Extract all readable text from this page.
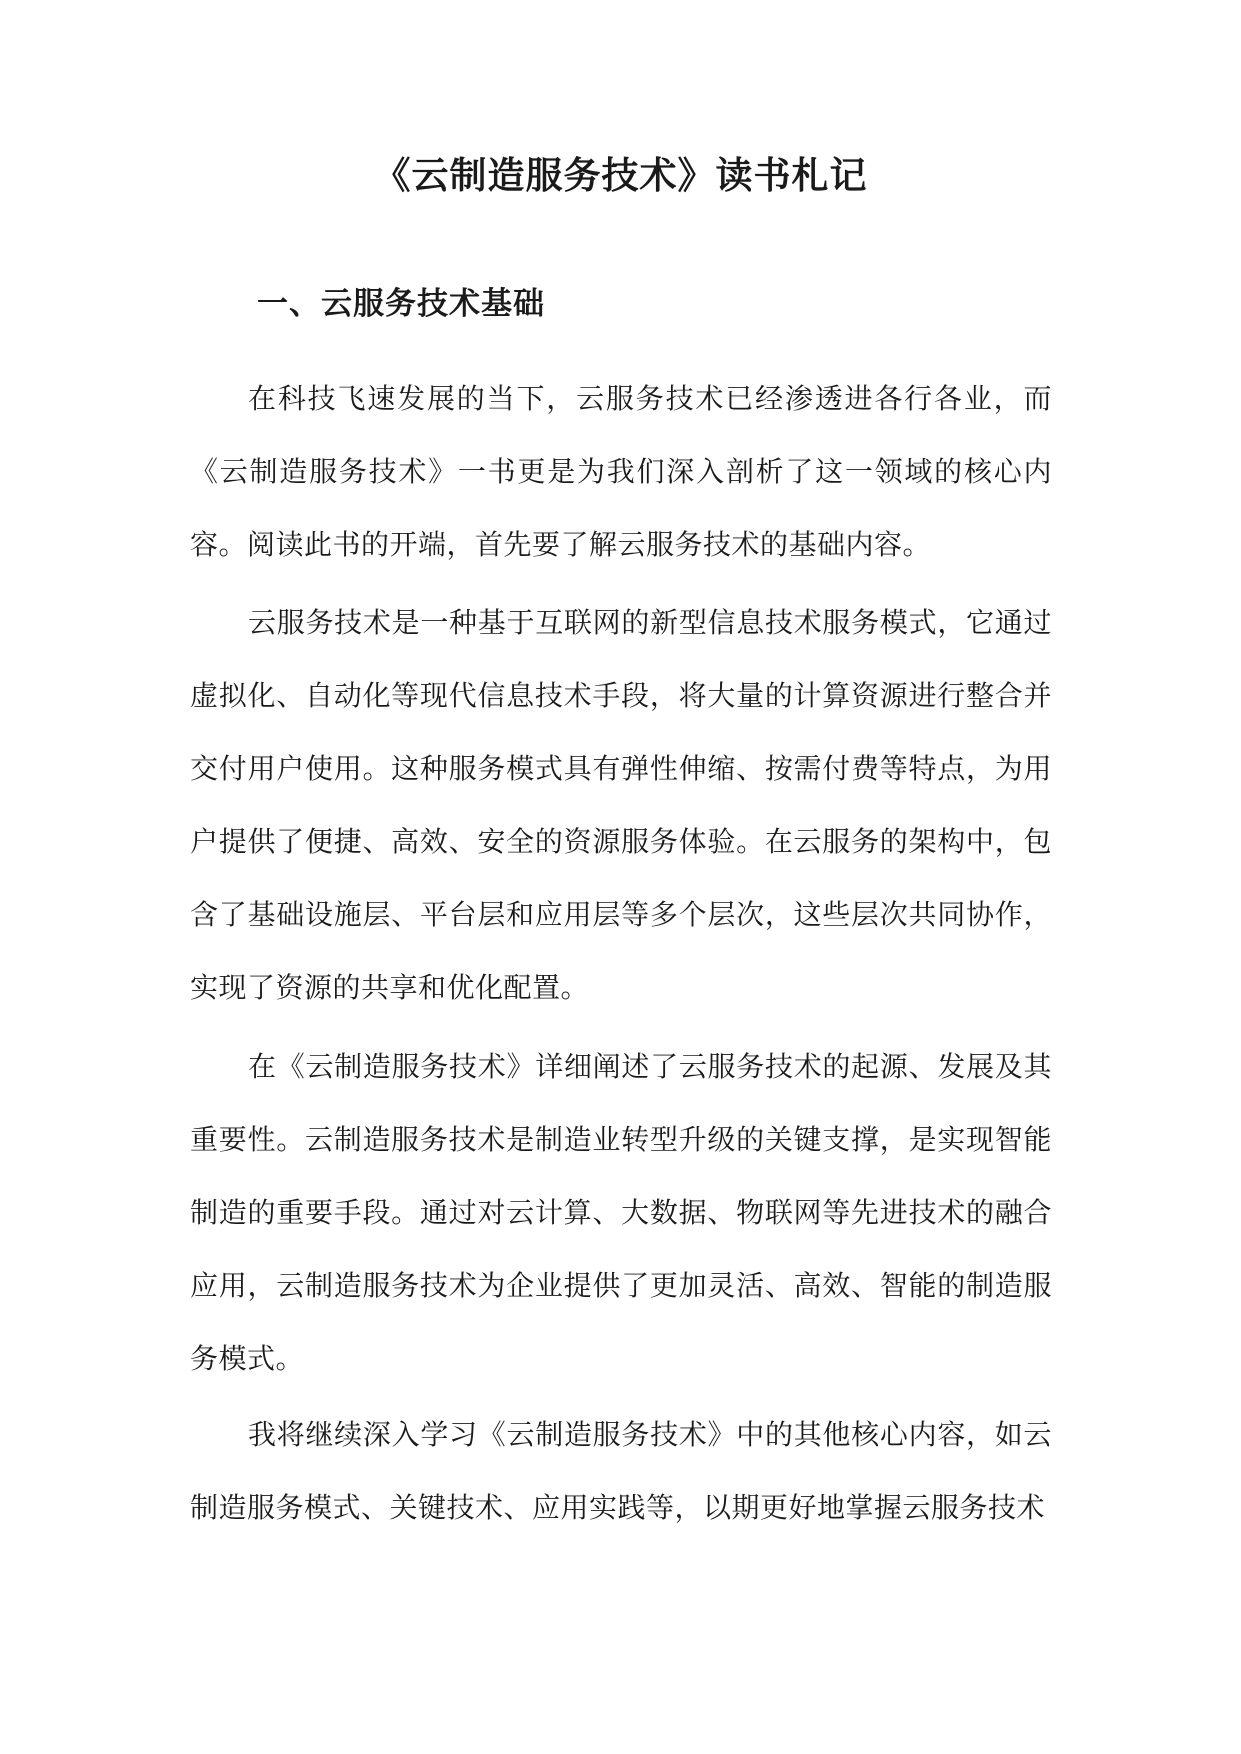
《云制造服务技术》读书札记
一、云服务技术基础

在科技飞速发展的当下，云服务技术已经渗透进各行各业，而《云制造服务技术》一书更是为我们深入剖析了这一领域的核心内容。阅读此书的开端，首先要了解云服务技术的基础内容。

云服务技术是一种基于互联网的新型信息技术服务模式，它通过虚拟化、自动化等现代信息技术手段，将大量的计算资源进行整合并交付用户使用。这种服务模式具有弹性伸缩、按需付费等特点，为用户提供了便捷、高效、安全的资源服务体验。在云服务的架构中，包含了基础设施层、平台层和应用层等多个层次，这些层次共同协作，实现了资源的共享和优化配置。

在《云制造服务技术》详细阐述了云服务技术的起源、发展及其重要性。云制造服务技术是制造业转型升级的关键支撑，是实现智能制造的重要手段。通过对云计算、大数据、物联网等先进技术的融合应用，云制造服务技术为企业提供了更加灵活、高效、智能的制造服务模式。

我将继续深入学习《云制造服务技术》中的其他核心内容，如云制造服务模式、关键技术、应用实践等，以期更好地掌握云服务技术
